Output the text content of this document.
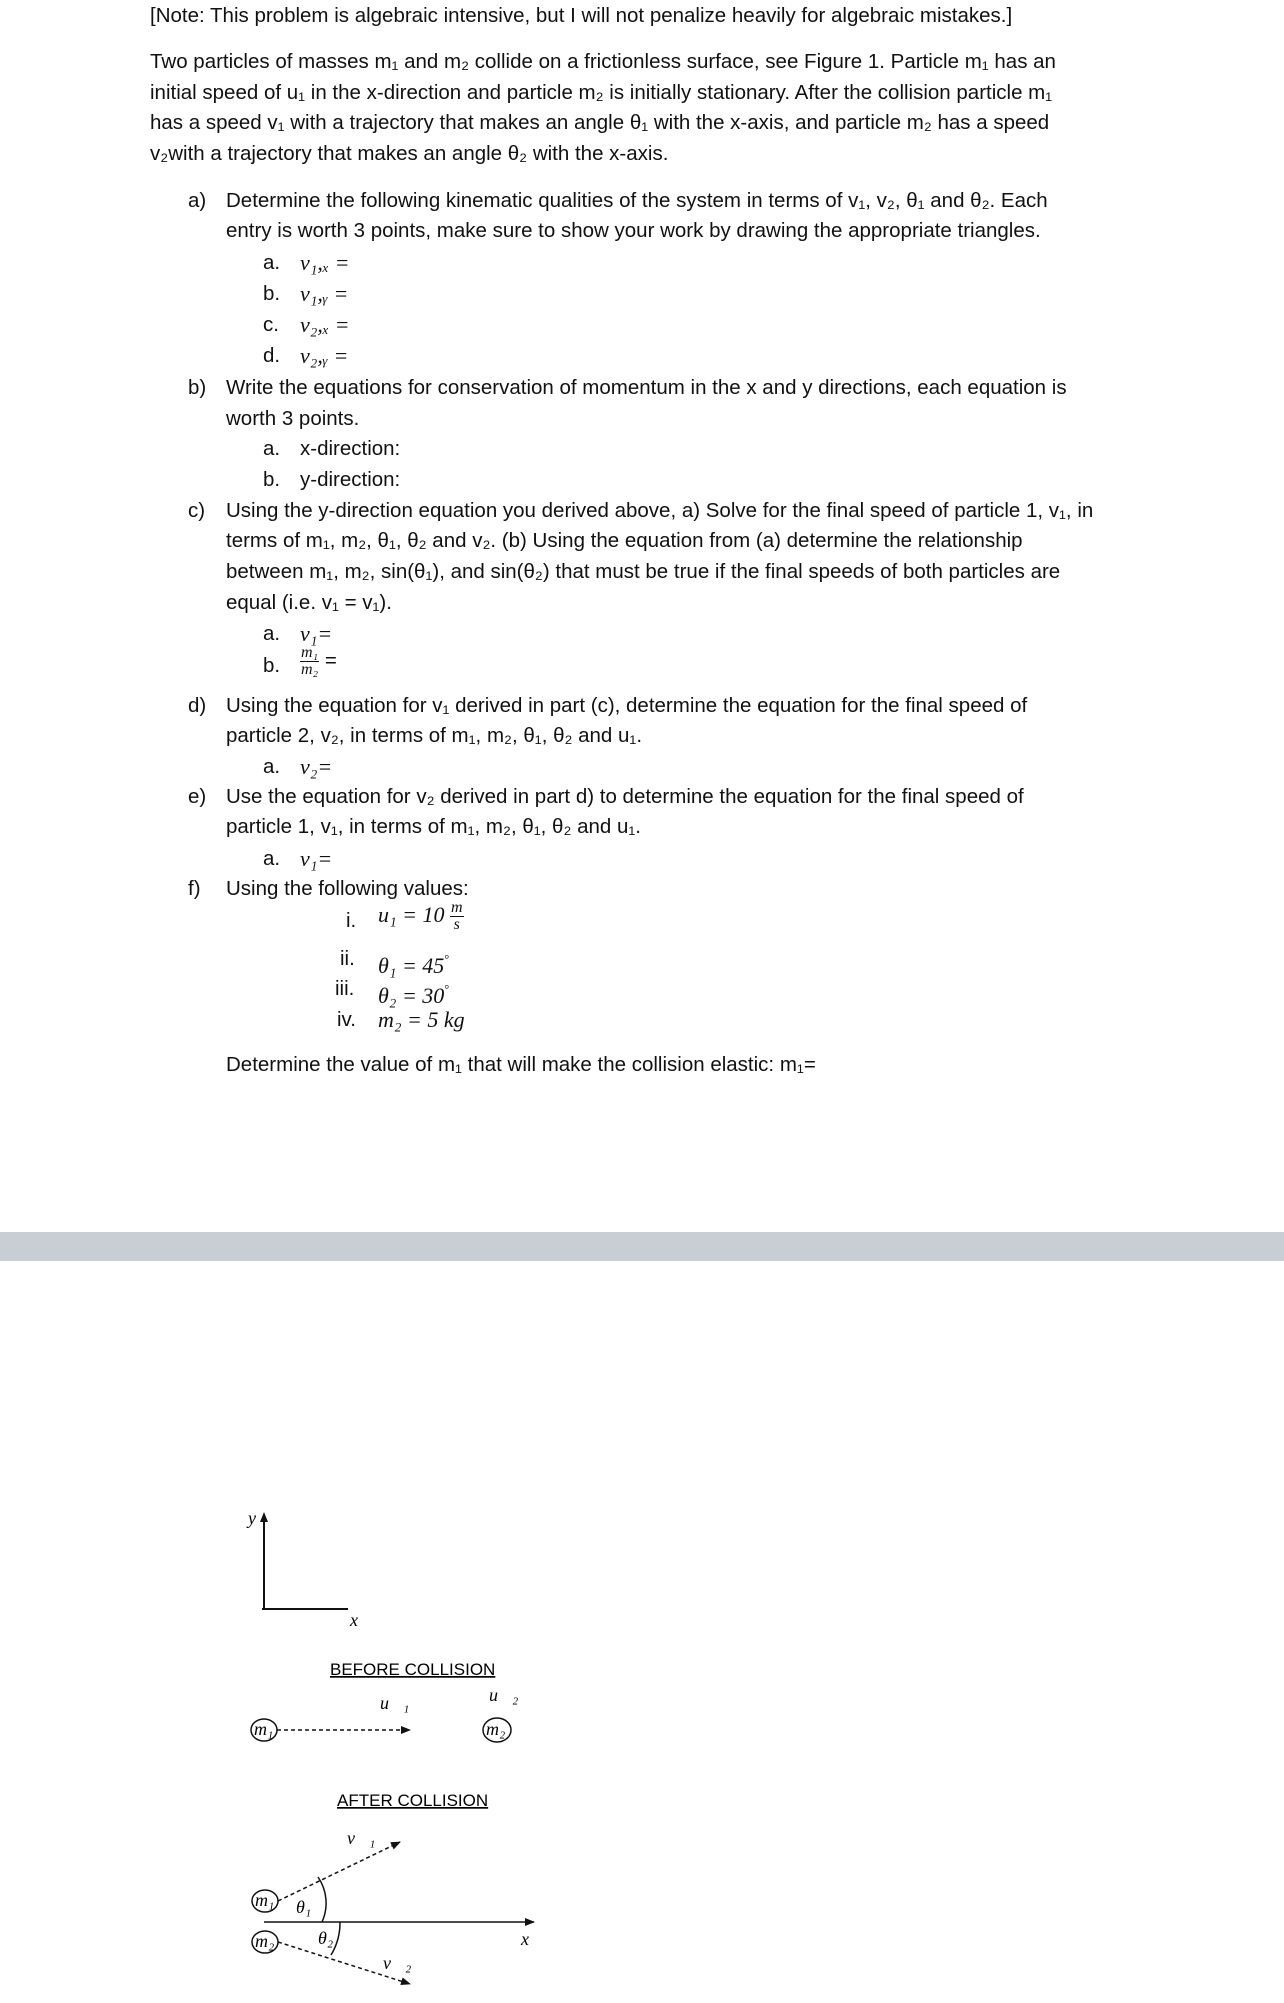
[Note: This problem is algebraic intensive, but I will not penalize heavily for algebraic mistakes.]

Two particles of masses m₁ and m₂ collide on a frictionless surface, see Figure 1. Particle m₁ has an

initial speed of u₁ in the x-direction and particle m₂ is initially stationary. After the collision particle m₁

has a speed v₁ with a trajectory that makes an angle θ₁ with the x-axis, and particle m₂ has a speed

v₂with a trajectory that makes an angle θ₂ with the x-axis.

a) Determine the following kinematic qualities of the system in terms of v₁, v₂, θ₁ and θ₂. Each

entry is worth 3 points, make sure to show your work by drawing the appropriate triangles.

a. v₁,ₓ =

b. v₁,ᵧ =

c. v₂,ₓ =

d. v₂,ᵧ =

b) Write the equations for conservation of momentum in the x and y directions, each equation is

worth 3 points.

a. x-direction:

b. y-direction:

c) Using the y-direction equation you derived above, a) Solve for the final speed of particle 1, v₁, in

terms of m₁, m₂, θ₁, θ₂ and v₂. (b) Using the equation from (a) determine the relationship

between m₁, m₂, sin(θ₁), and sin(θ₂) that must be true if the final speeds of both particles are

equal (i.e. v₁ = v₁).

a. v₁=

b. $\frac{\text{m₁}}{\text{m₂}}$ =

d) Using the equation for v₁ derived in part (c), determine the equation for the final speed of

particle 2, v₂, in terms of m₁, m₂, θ₁, θ₂ and u₁.

a. v₂=

e) Use the equation for v₂ derived in part d) to determine the equation for the final speed of

particle 1, v₁, in terms of m₁, m₂, θ₁, θ₂ and u₁.

a. v₁=

f) Using the following values:

i. $u_1 = 10 \frac{m}{s}$

ii. θ₁ = 45°

iii. θ₂ = 30°

iv. m₂ = 5 kg

Determine the value of m₁ that will make the collision elastic: m₁=

y
x
BEFORE COLLISION
u⃗₁	u⃗₂
m₁	m₂
AFTER COLLISION
v⃗₁
m₁
m₂
θ₁
θ₂	x
v⃗₂
